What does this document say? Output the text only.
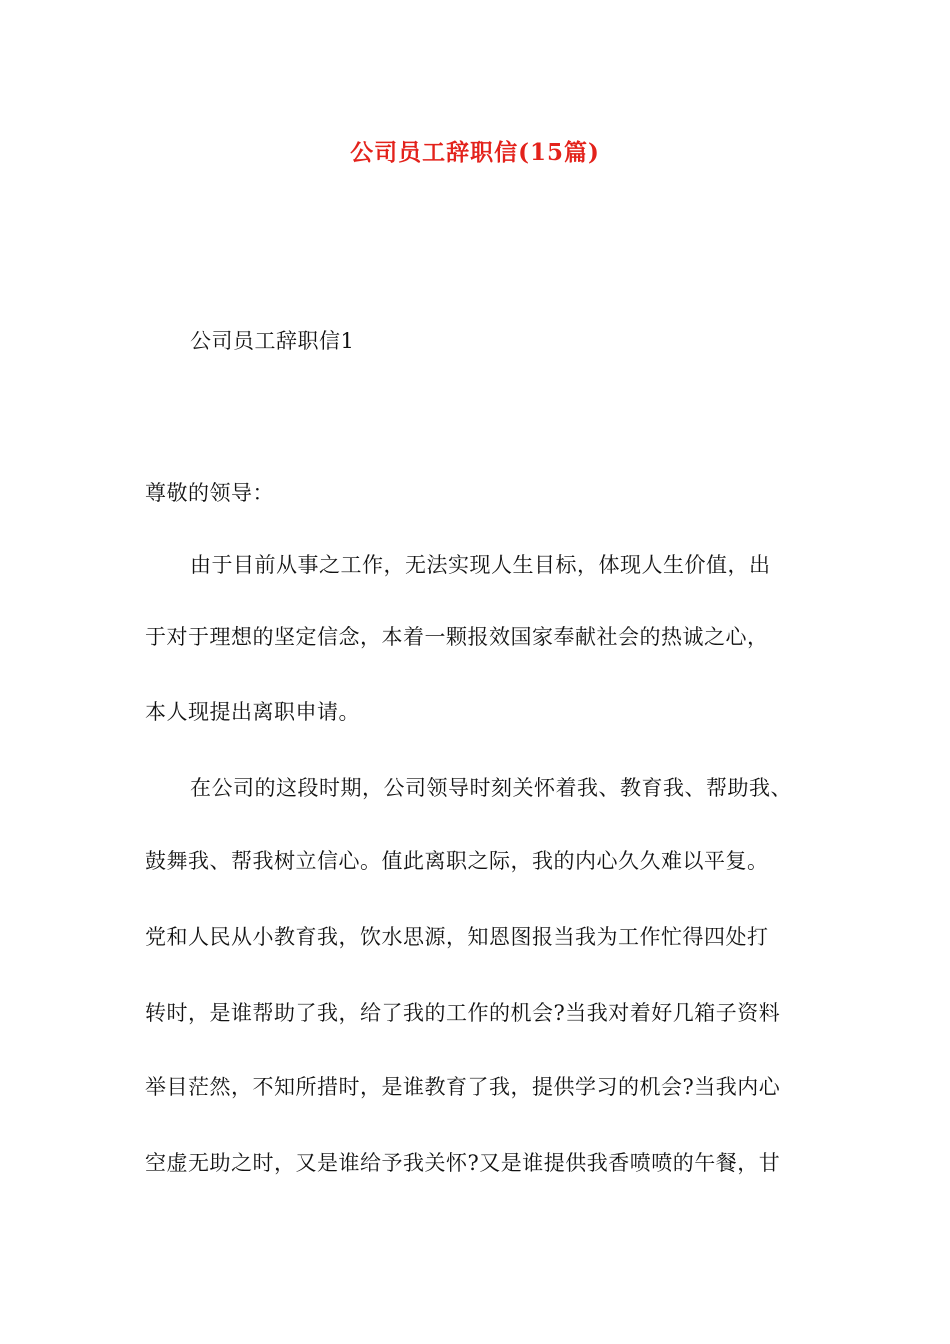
公司员工辞职信(15篇)
公司员工辞职信1
尊敬的领导：
由于目前从事之工作，无法实现人生目标，体现人生价值，出
于对于理想的坚定信念，本着一颗报效国家奉献社会的热诚之心，
本人现提出离职申请。
在公司的这段时期，公司领导时刻关怀着我、教育我、帮助我、
鼓舞我、帮我树立信心。值此离职之际，我的内心久久难以平复。
党和人民从小教育我，饮水思源，知恩图报当我为工作忙得四处打
转时，是谁帮助了我，给了我的工作的机会?当我对着好几箱子资料
举目茫然，不知所措时，是谁教育了我，提供学习的机会?当我内心
空虚无助之时，又是谁给予我关怀?又是谁提供我香喷喷的午餐，甘
